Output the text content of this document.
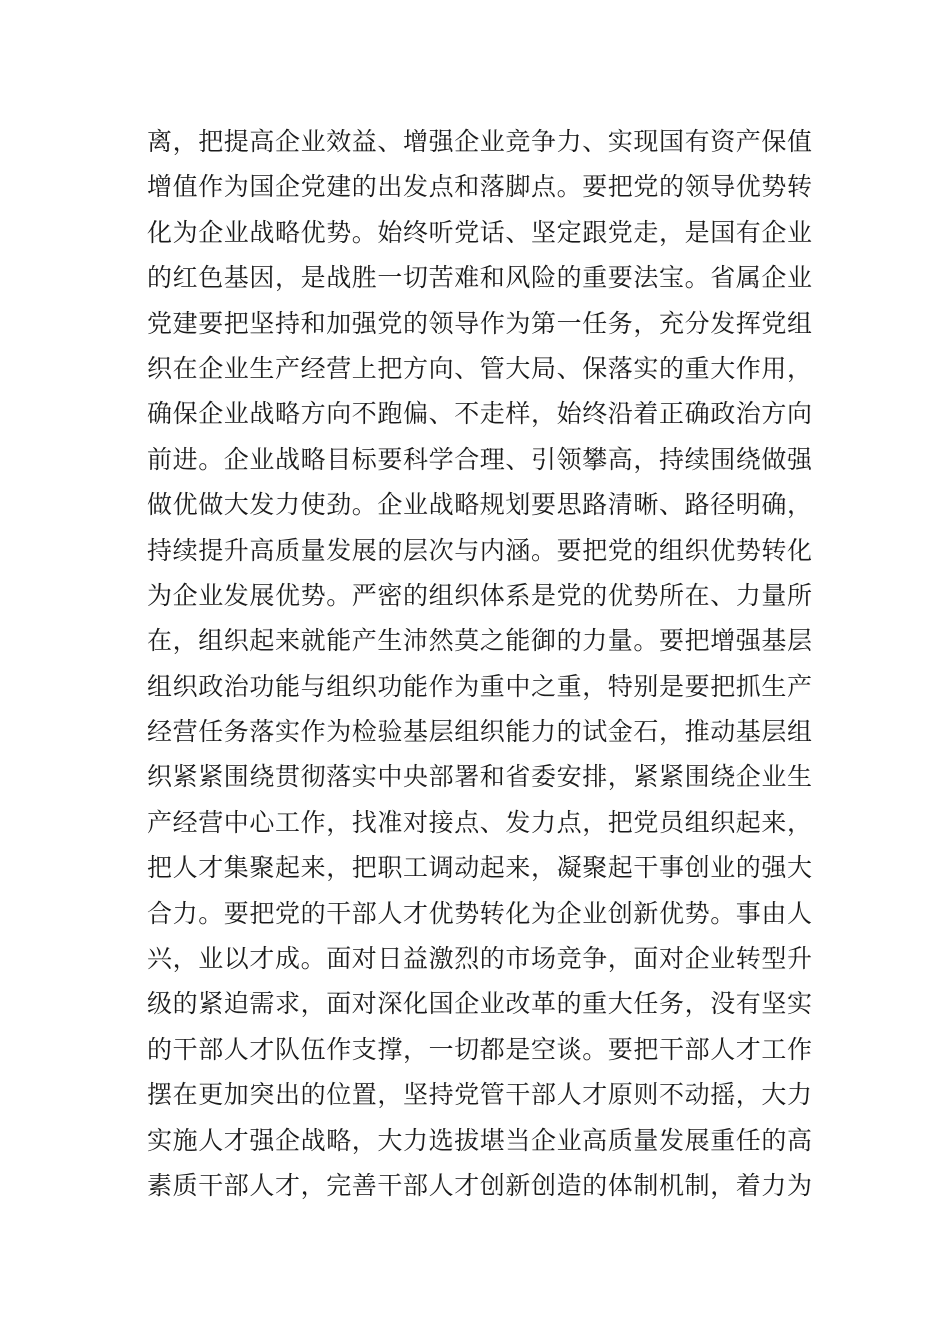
离，把提高企业效益、增强企业竞争力、实现国有资产保值
增值作为国企党建的出发点和落脚点。要把党的领导优势转
化为企业战略优势。始终听党话、坚定跟党走，是国有企业
的红色基因，是战胜一切苦难和风险的重要法宝。省属企业
党建要把坚持和加强党的领导作为第一任务，充分发挥党组
织在企业生产经营上把方向、管大局、保落实的重大作用，
确保企业战略方向不跑偏、不走样，始终沿着正确政治方向
前进。企业战略目标要科学合理、引领攀高，持续围绕做强
做优做大发力使劲。企业战略规划要思路清晰、路径明确，
持续提升高质量发展的层次与内涵。要把党的组织优势转化
为企业发展优势。严密的组织体系是党的优势所在、力量所
在，组织起来就能产生沛然莫之能御的力量。要把增强基层
组织政治功能与组织功能作为重中之重，特别是要把抓生产
经营任务落实作为检验基层组织能力的试金石，推动基层组
织紧紧围绕贯彻落实中央部署和省委安排，紧紧围绕企业生
产经营中心工作，找准对接点、发力点，把党员组织起来，
把人才集聚起来，把职工调动起来，凝聚起干事创业的强大
合力。要把党的干部人才优势转化为企业创新优势。事由人
兴，业以才成。面对日益激烈的市场竞争，面对企业转型升
级的紧迫需求，面对深化国企业改革的重大任务，没有坚实
的干部人才队伍作支撑，一切都是空谈。要把干部人才工作
摆在更加突出的位置，坚持党管干部人才原则不动摇，大力
实施人才强企战略，大力选拔堪当企业高质量发展重任的高
素质干部人才，完善干部人才创新创造的体制机制，着力为
